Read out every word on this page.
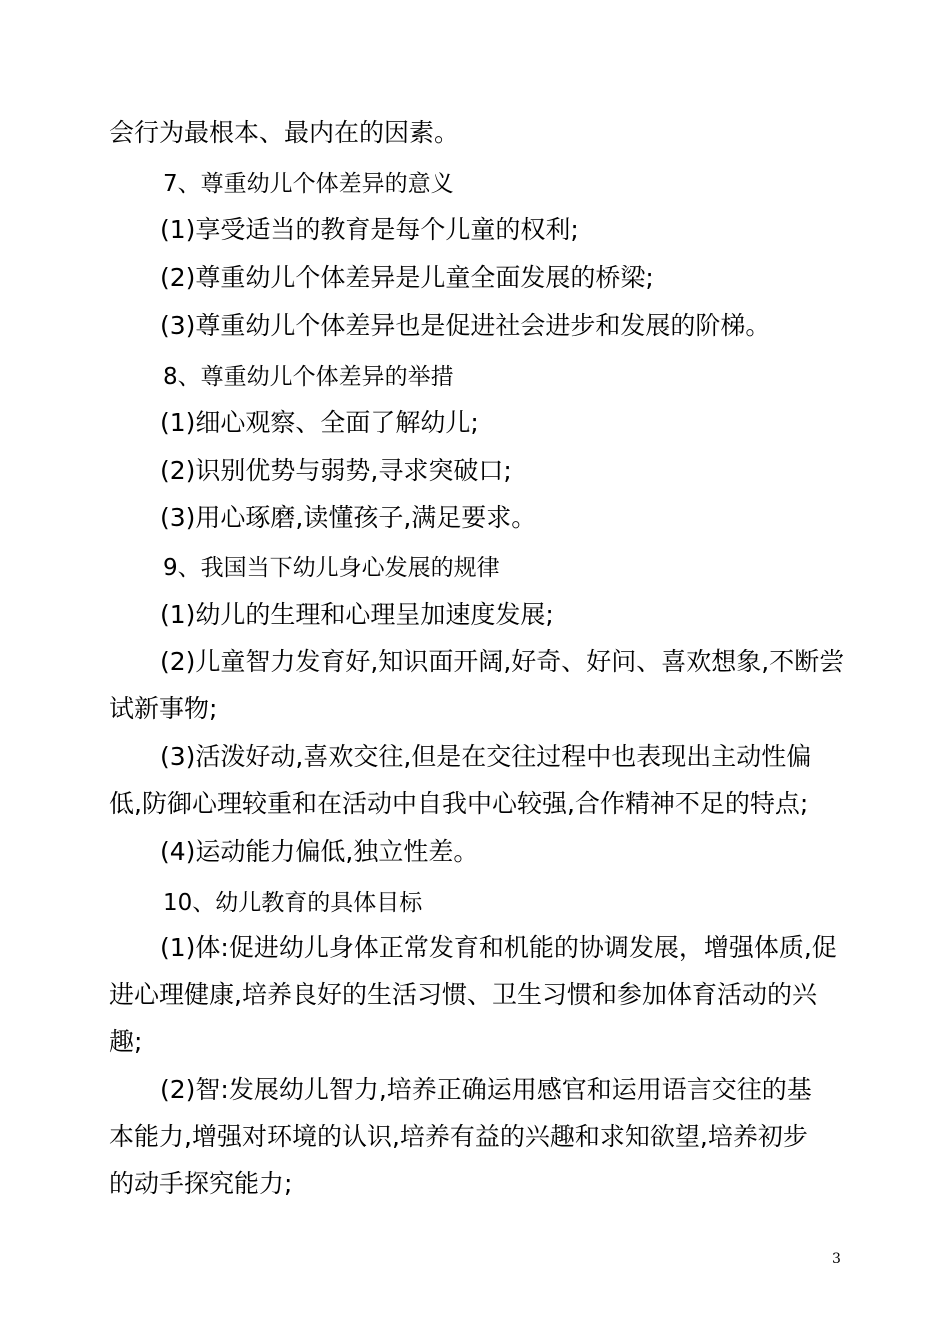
会行为最根本、最内在的因素。

7、尊重幼儿个体差异的意义

(1)享受适当的教育是每个儿童的权利;

(2)尊重幼儿个体差异是儿童全面发展的桥梁;

(3)尊重幼儿个体差异也是促进社会进步和发展的阶梯。

8、尊重幼儿个体差异的举措

(1)细心观察、全面了解幼儿;

(2)识别优势与弱势,寻求突破口;

(3)用心琢磨,读懂孩子,满足要求。

9、我国当下幼儿身心发展的规律

(1)幼儿的生理和心理呈加速度发展;

(2)儿童智力发育好,知识面开阔,好奇、好问、喜欢想象,不断尝

试新事物;

(3)活泼好动,喜欢交往,但是在交往过程中也表现出主动性偏

低,防御心理较重和在活动中自我中心较强,合作精神不足的特点;

(4)运动能力偏低,独立性差。

10、幼儿教育的具体目标

(1)体:促进幼儿身体正常发育和机能的协调发展，增强体质,促

进心理健康,培养良好的生活习惯、卫生习惯和参加体育活动的兴

趣;

(2)智:发展幼儿智力,培养正确运用感官和运用语言交往的基

本能力,增强对环境的认识,培养有益的兴趣和求知欲望,培养初步

的动手探究能力;

3
